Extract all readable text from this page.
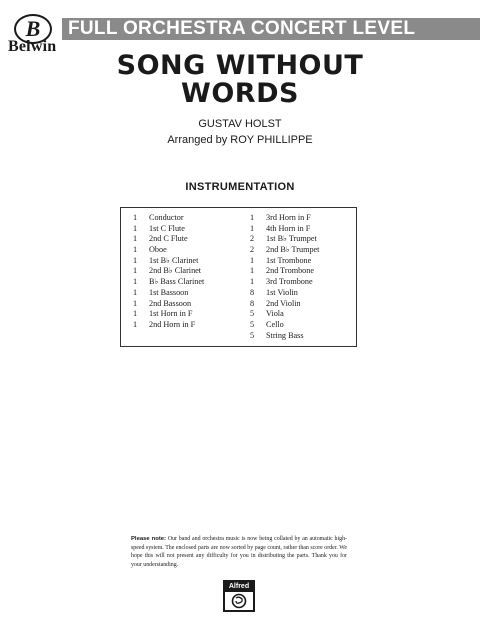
B
Belwin
FULL ORCHESTRA CONCERT LEVEL
SONG WITHOUT
WORDS
GUSTAV HOLST
Arranged by ROY PHILLIPPE
INSTRUMENTATION
1 Conductor
1 1st C Flute
1 2nd C Flute
1 Oboe
1 1st B♭ Clarinet
1 2nd B♭ Clarinet
1 B♭ Bass Clarinet
1 1st Bassoon
1 2nd Bassoon
1 1st Horn in F
1 2nd Horn in F
1 3rd Horn in F
1 4th Horn in F
2 1st B♭ Trumpet
2 2nd B♭ Trumpet
1 1st Trombone
1 2nd Trombone
1 3rd Trombone
8 1st Violin
8 2nd Violin
5 Viola
5 Cello
5 String Bass
Please note: Our band and orchestra music is now being collated by an automatic high-speed system. The enclosed parts are now sorted by page count, rather than score order. We hope this will not present any difficulty for you in distributing the parts. Thank you for your understanding.
Alfred
